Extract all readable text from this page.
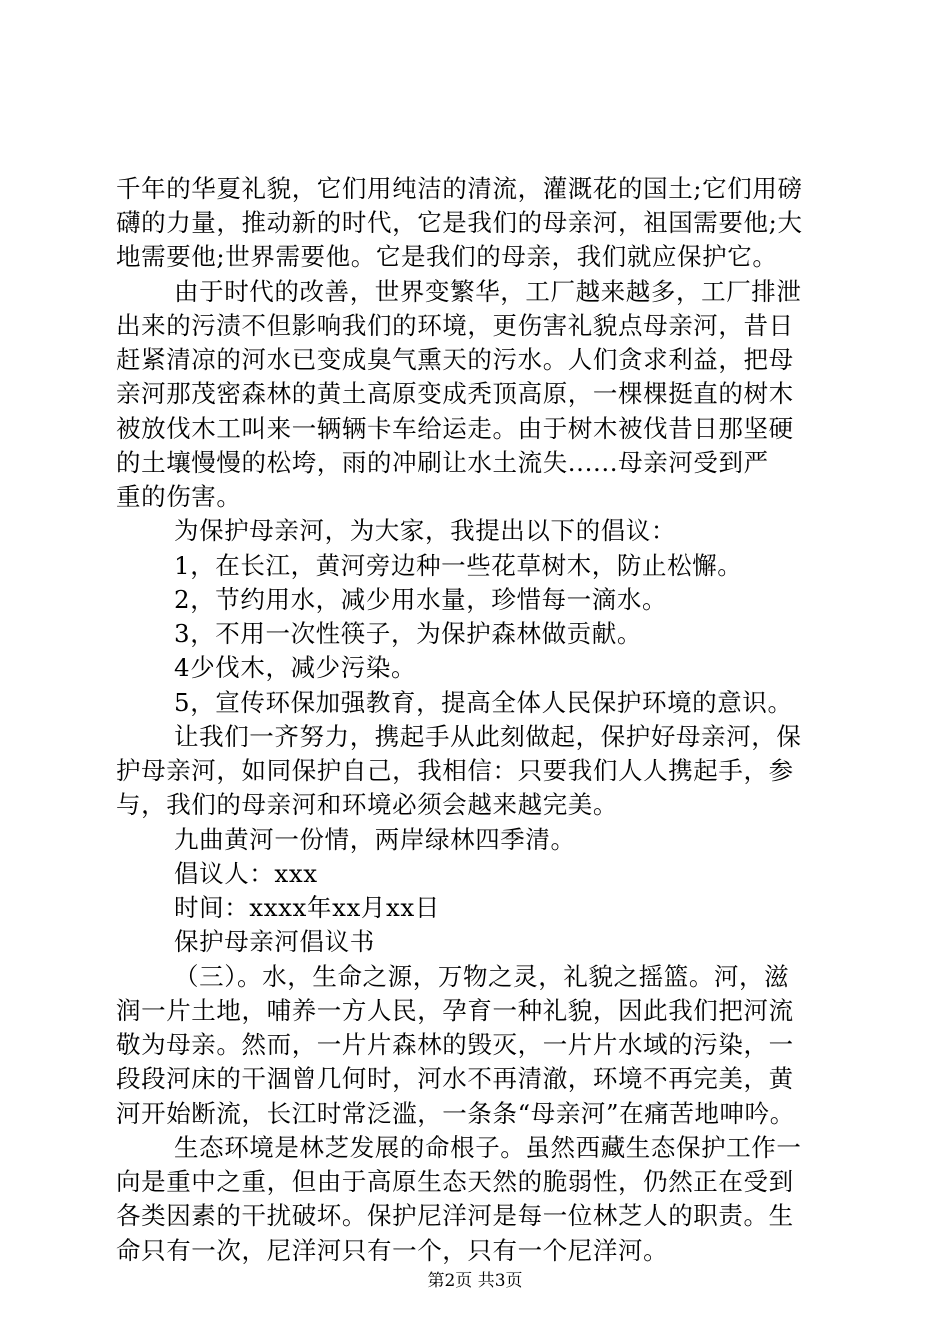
千年的华夏礼貌，它们用纯洁的清流，灌溉花的国土;它们用磅
礴的力量，推动新的时代，它是我们的母亲河，祖国需要他;大
地需要他;世界需要他。它是我们的母亲，我们就应保护它。
由于时代的改善，世界变繁华，工厂越来越多，工厂排泄
出来的污渍不但影响我们的环境，更伤害礼貌点母亲河，昔日
赶紧清凉的河水已变成臭气熏天的污水。人们贪求利益，把母
亲河那茂密森林的黄土高原变成秃顶高原，一棵棵挺直的树木
被放伐木工叫来一辆辆卡车给运走。由于树木被伐昔日那坚硬
的土壤慢慢的松垮，雨的冲刷让水土流失......母亲河受到严
重的伤害。
为保护母亲河，为大家，我提出以下的倡议：
1，在长江，黄河旁边种一些花草树木，防止松懈。
2，节约用水，减少用水量，珍惜每一滴水。
3，不用一次性筷子，为保护森林做贡献。
4少伐木，减少污染。
5，宣传环保加强教育，提高全体人民保护环境的意识。
让我们一齐努力，携起手从此刻做起，保护好母亲河，保
护母亲河，如同保护自己，我相信：只要我们人人携起手，参
与，我们的母亲河和环境必须会越来越完美。
九曲黄河一份情，两岸绿林四季清。
倡议人：xxx
时间：xxxx年xx月xx日
保护母亲河倡议书
（三）。水，生命之源，万物之灵，礼貌之摇篮。河，滋
润一片土地，哺养一方人民，孕育一种礼貌，因此我们把河流
敬为母亲。然而，一片片森林的毁灭，一片片水域的污染，一
段段河床的干涸曾几何时，河水不再清澈，环境不再完美，黄
河开始断流，长江时常泛滥，一条条“母亲河”在痛苦地呻吟。
生态环境是林芝发展的命根子。虽然西藏生态保护工作一
向是重中之重，但由于高原生态天然的脆弱性，仍然正在受到
各类因素的干扰破坏。保护尼洋河是每一位林芝人的职责。生
命只有一次，尼洋河只有一个，只有一个尼洋河。
第2页 共3页
